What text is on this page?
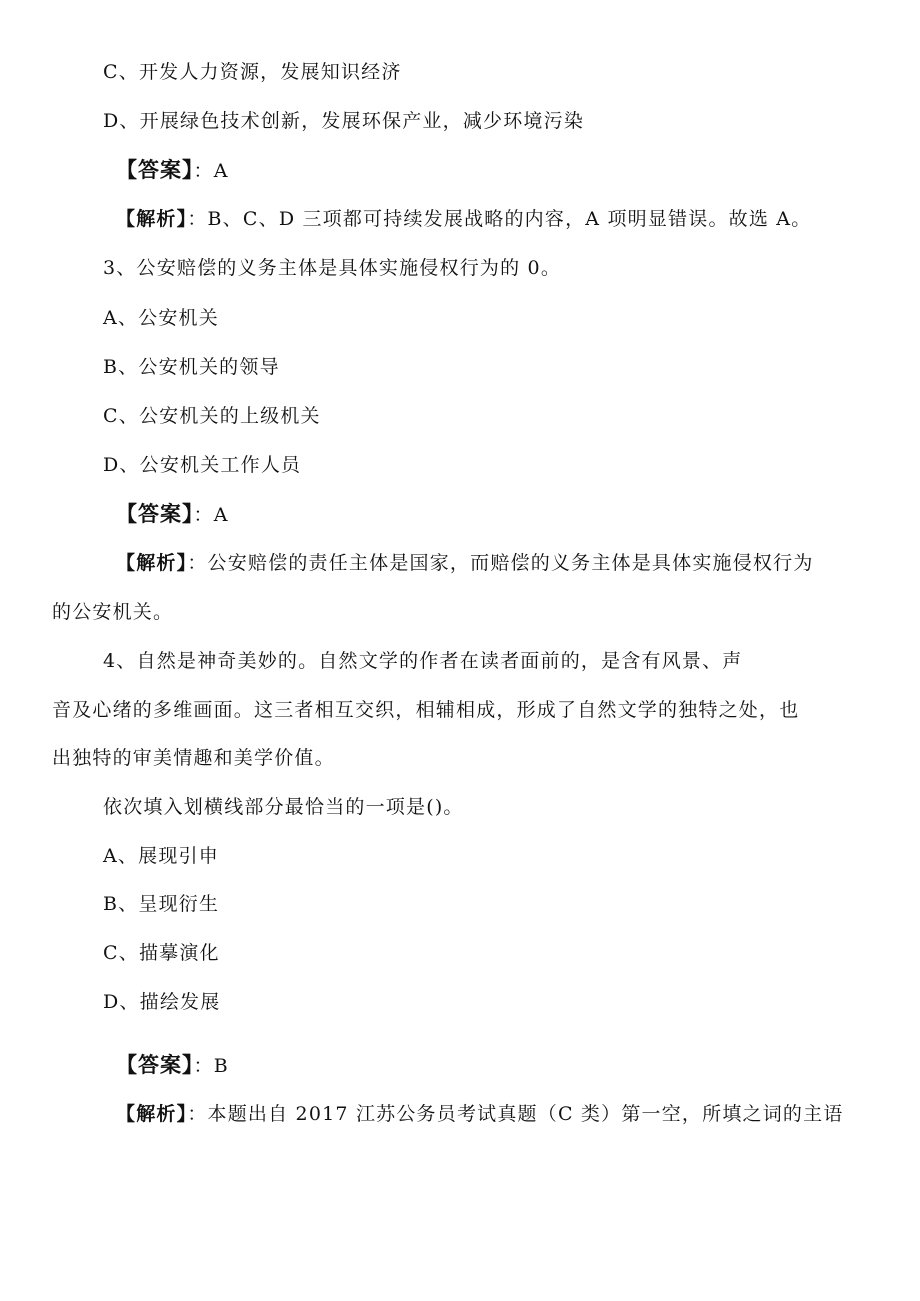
C、开发人力资源，发展知识经济
D、开展绿色技术创新，发展环保产业，减少环境污染
【答案】：A
【解析】：B、C、D 三项都可持续发展战略的内容，A 项明显错误。故选 A。
3、公安赔偿的义务主体是具体实施侵权行为的 0。
A、公安机关
B、公安机关的领导
C、公安机关的上级机关
D、公安机关工作人员
【答案】：A
【解析】：公安赔偿的责任主体是国家，而赔偿的义务主体是具体实施侵权行为
的公安机关。
4、自然是神奇美妙的。自然文学的作者在读者面前的，是含有风景、声
音及心绪的多维画面。这三者相互交织，相辅相成，形成了自然文学的独特之处，也
出独特的审美情趣和美学价值。
依次填入划横线部分最恰当的一项是()。
A、展现引申
B、呈现衍生
C、描摹演化
D、描绘发展
【答案】：B
【解析】：本题出自 2017 江苏公务员考试真题（C 类）第一空，所填之词的主语
